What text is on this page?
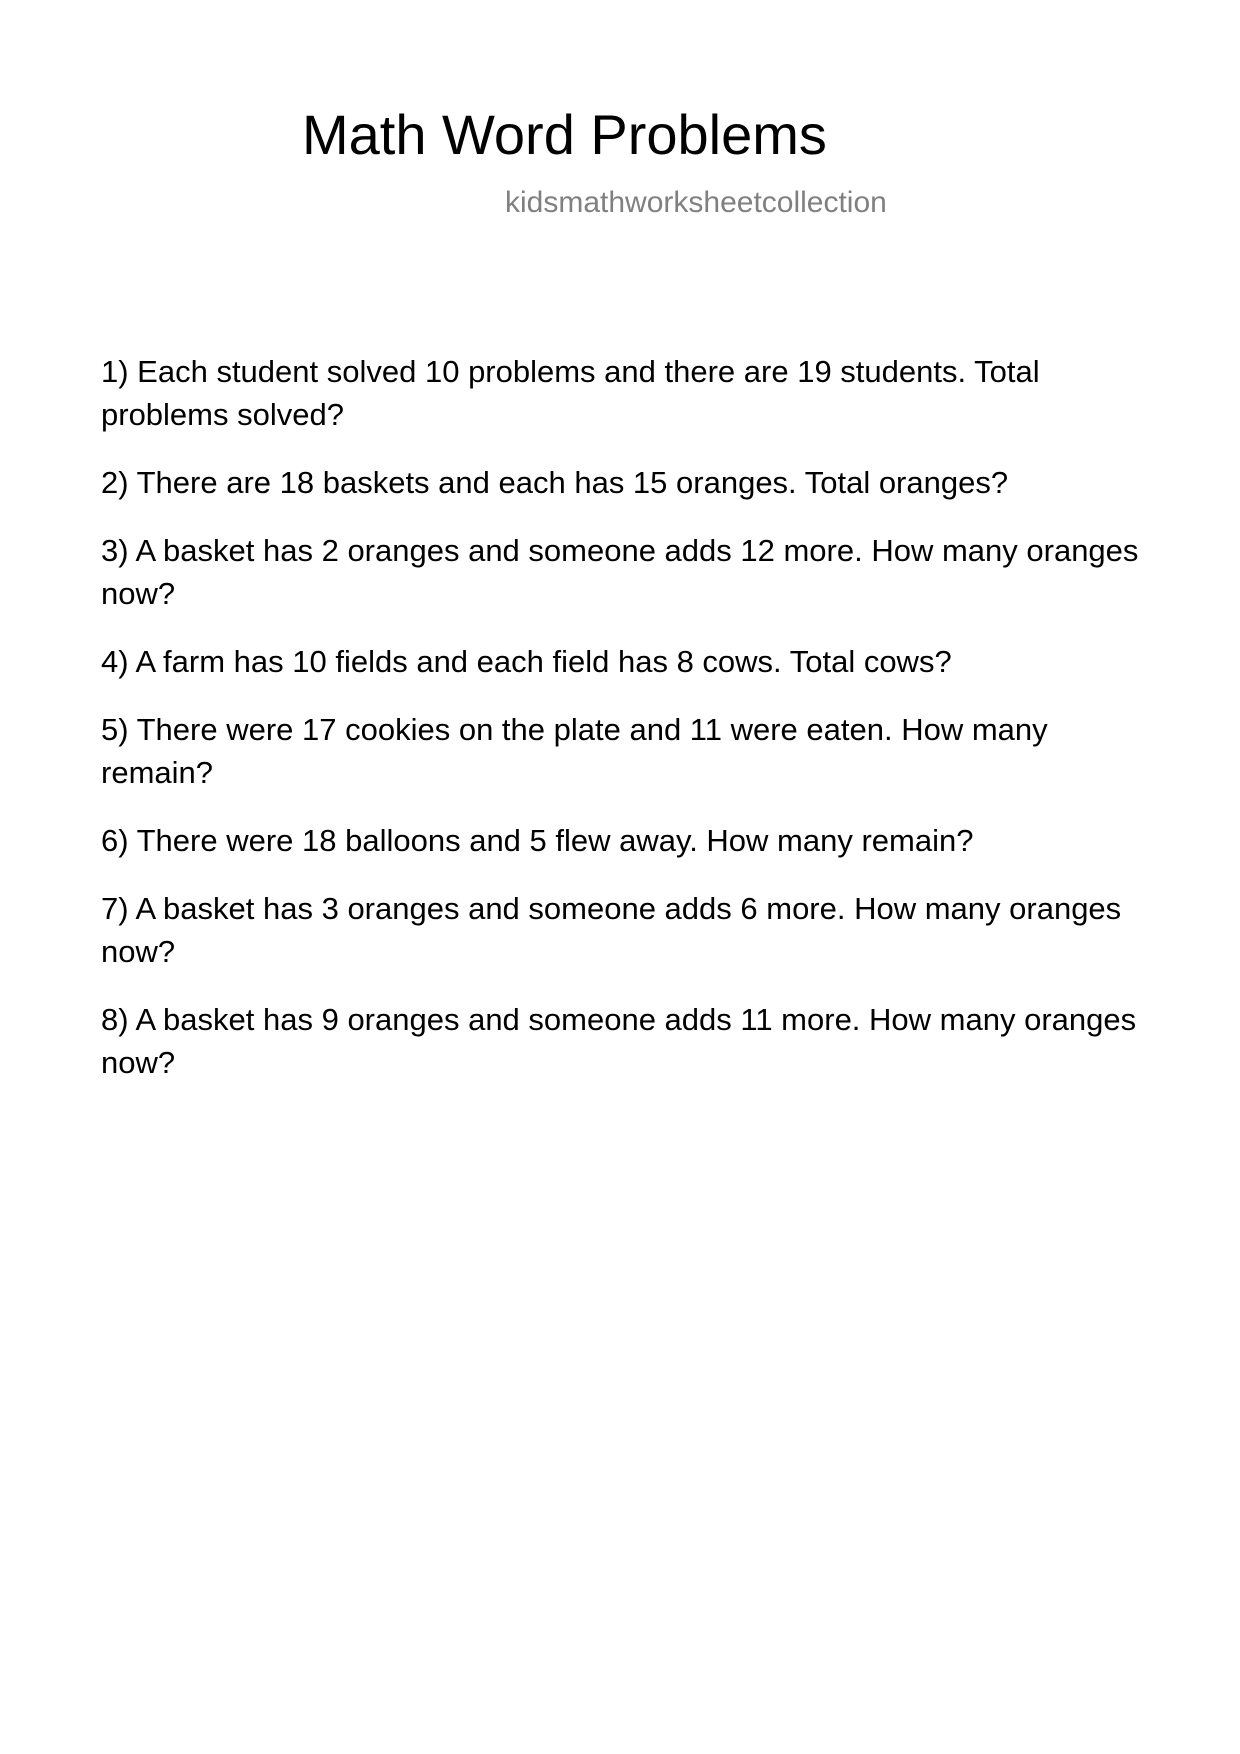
Math Word Problems
kidsmathworksheetcollection
1) Each student solved 10 problems and there are 19 students. Total problems solved?
2) There are 18 baskets and each has 15 oranges. Total oranges?
3) A basket has 2 oranges and someone adds 12 more. How many oranges now?
4) A farm has 10 fields and each field has 8 cows. Total cows?
5) There were 17 cookies on the plate and 11 were eaten. How many remain?
6) There were 18 balloons and 5 flew away. How many remain?
7) A basket has 3 oranges and someone adds 6 more. How many oranges now?
8) A basket has 9 oranges and someone adds 11 more. How many oranges now?
